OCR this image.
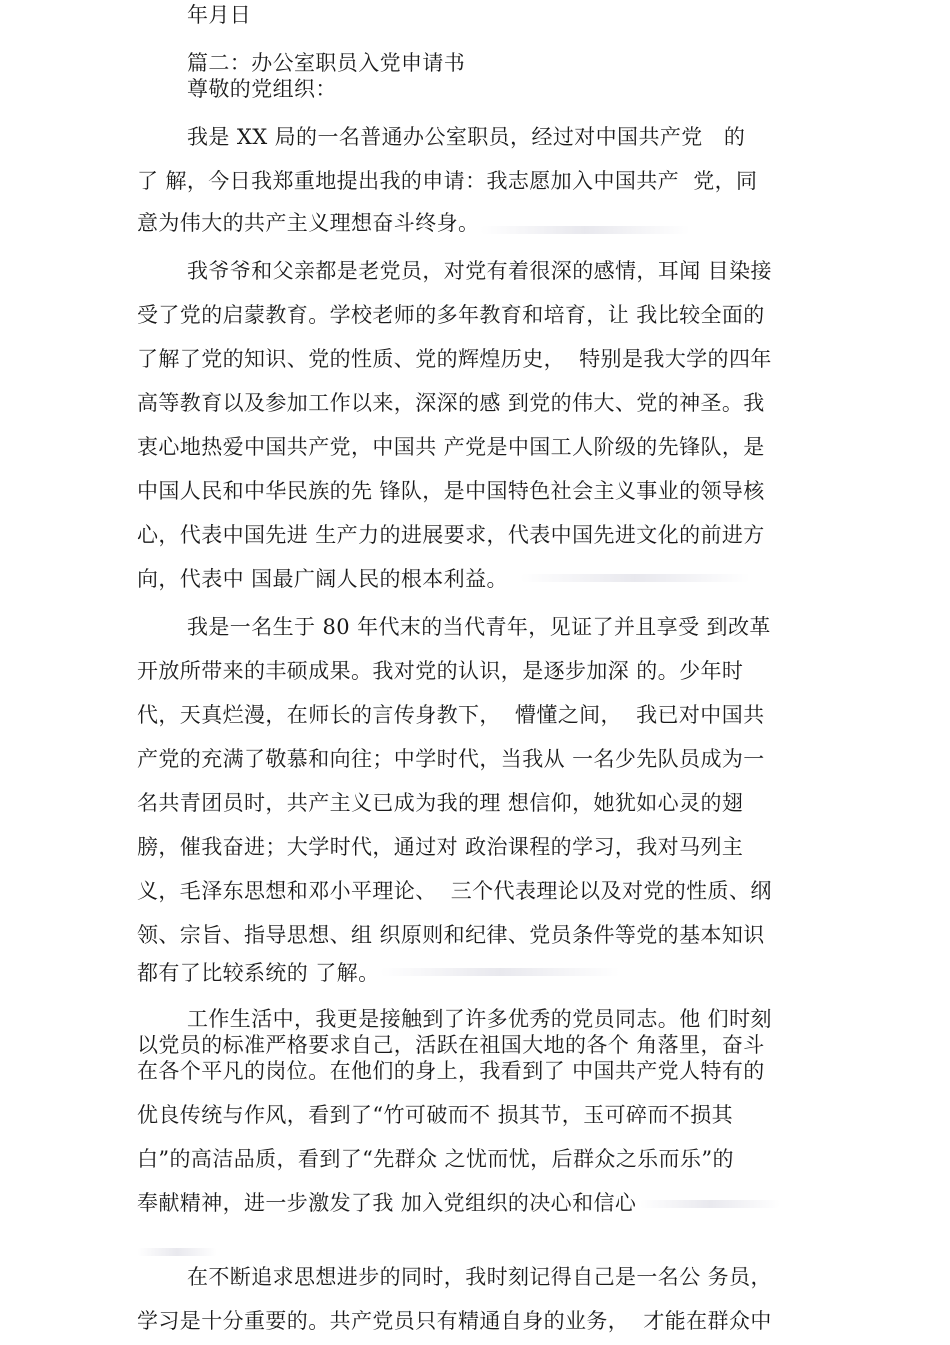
年月日
篇二：办公室职员入党申请书
尊敬的党组织：
我是 XX 局的一名普通办公室职员，经过对中国共产党   的
了 解，今日我郑重地提出我的申请：我志愿加入中国共产  党，同
意为伟大的共产主义理想奋斗终身。
我爷爷和父亲都是老党员，对党有着很深的感情，耳闻 目染接
受了党的启蒙教育。学校老师的多年教育和培育，让 我比较全面的
了解了党的知识、党的性质、党的辉煌历史，  特别是我大学的四年
高等教育以及参加工作以来，深深的感 到党的伟大、党的神圣。我
衷心地热爱中国共产党，中国共 产党是中国工人阶级的先锋队，是
中国人民和中华民族的先 锋队，是中国特色社会主义事业的领导核
心，代表中国先进 生产力的进展要求，代表中国先进文化的前进方
向，代表中 国最广阔人民的根本利益。
我是一名生于 80 年代末的当代青年，见证了并且享受 到改革
开放所带来的丰硕成果。我对党的认识，是逐步加深 的。少年时
代，天真烂漫，在师长的言传身教下，  懵懂之间，  我已对中国共
产党的充满了敬慕和向往；中学时代，当我从 一名少先队员成为一
名共青团员时，共产主义已成为我的理 想信仰，她犹如心灵的翅
膀，催我奋进；大学时代，通过对 政治课程的学习，我对马列主
义，毛泽东思想和邓小平理论、  三个代表理论以及对党的性质、纲
领、宗旨、指导思想、组 织原则和纪律、党员条件等党的基本知识
都有了比较系统的 了解。
工作生活中，我更是接触到了许多优秀的党员同志。他 们时刻
以党员的标准严格要求自己，活跃在祖国大地的各个 角落里，奋斗
在各个平凡的岗位。在他们的身上，我看到了 中国共产党人特有的
优良传统与作风，看到了“竹可破而不 损其节，玉可碎而不损其
白”的高洁品质，看到了“先群众 之忧而忧，后群众之乐而乐”的
奉献精神，进一步激发了我 加入党组织的决心和信心
在不断追求思想进步的同时，我时刻记得自己是一名公 务员，
学习是十分重要的。共产党员只有精通自身的业务，  才能在群众中
